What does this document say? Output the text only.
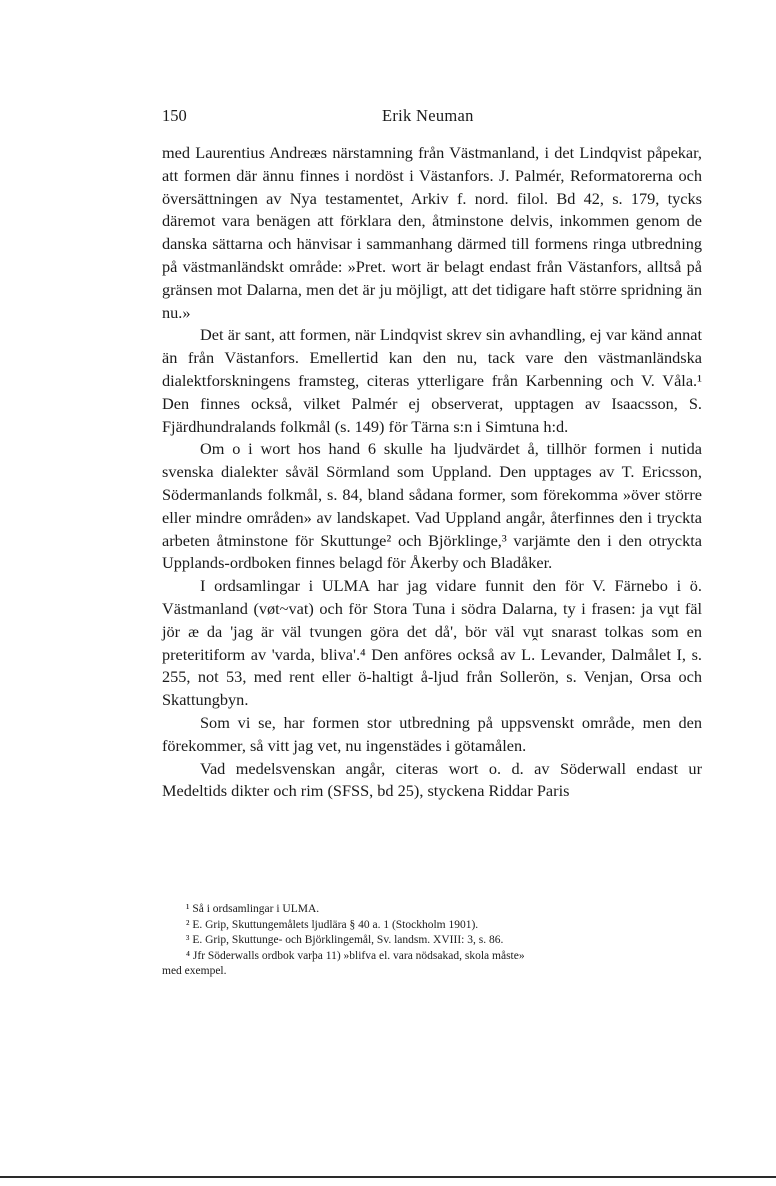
150	Erik Neuman

med Laurentius Andreæs närstamning från Västmanland, i det Lindqvist påpekar, att formen där ännu finnes i nordöst i Västanfors. J. Palmér, Reformatorerna och översättningen av Nya testamentet, Arkiv f. nord. filol. Bd 42, s. 179, tycks däremot vara benägen att förklara den, åtminstone delvis, inkommen genom de danska sättarna och hänvisar i sammanhang därmed till formens ringa utbredning på västmanländskt område: »Pret. wort är belagt endast från Västanfors, alltså på gränsen mot Dalarna, men det är ju möjligt, att det tidigare haft större spridning än nu.»

Det är sant, att formen, när Lindqvist skrev sin avhandling, ej var känd annat än från Västanfors. Emellertid kan den nu, tack vare den västmanländska dialektforskningens framsteg, citeras ytterligare från Karbenning och V. Våla.¹ Den finnes också, vilket Palmér ej observerat, upptagen av Isaacsson, S. Fjärdhundralands folkmål (s. 149) för Tärna s:n i Simtuna h:d.

Om o i wort hos hand 6 skulle ha ljudvärdet å, tillhör formen i nutida svenska dialekter såväl Sörmland som Uppland. Den upptages av T. Ericsson, Södermanlands folkmål, s. 84, bland sådana former, som förekomma »över större eller mindre områden» av landskapet. Vad Uppland angår, återfinnes den i tryckta arbeten åtminstone för Skuttunge² och Björklinge,³ varjämte den i den otryckta Upplands-ordboken finnes belagd för Åkerby och Bladåker.

I ordsamlingar i ULMA har jag vidare funnit den för V. Färnebo i ö. Västmanland (vøt~vat) och för Stora Tuna i södra Dalarna, ty i frasen: ja vṷt fäl jör æ da 'jag är väl tvungen göra det då', bör väl vṷt snarast tolkas som en preteritiform av 'varda, bliva'.⁴ Den anföres också av L. Levander, Dalmålet I, s. 255, not 53, med rent eller ö-haltigt å-ljud från Sollerön, s. Venjan, Orsa och Skattungbyn.

Som vi se, har formen stor utbredning på uppsvenskt område, men den förekommer, så vitt jag vet, nu ingenstädes i götamålen.

Vad medelsvenskan angår, citeras wort o. d. av Söderwall endast ur Medeltids dikter och rim (SFSS, bd 25), styckena Riddar Paris

¹ Så i ordsamlingar i ULMA.

² E. Grip, Skuttungemålets ljudlära § 40 a. 1 (Stockholm 1901).

³ E. Grip, Skuttunge- och Björklingemål, Sv. landsm. XVIII: 3, s. 86.

⁴ Jfr Söderwalls ordbok varþa 11) »blifva el. vara nödsakad, skola måste»

med exempel.
